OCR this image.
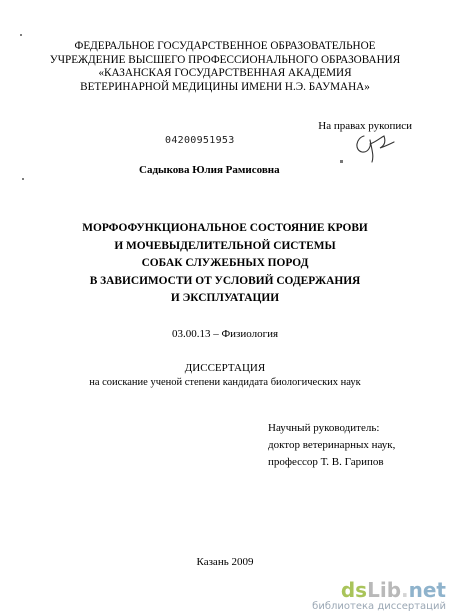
ФЕДЕРАЛЬНОЕ ГОСУДАРСТВЕННОЕ ОБРАЗОВАТЕЛЬНОЕ
УЧРЕЖДЕНИЕ ВЫСШЕГО ПРОФЕССИОНАЛЬНОГО ОБРАЗОВАНИЯ
«КАЗАНСКАЯ ГОСУДАРСТВЕННАЯ АКАДЕМИЯ
ВЕТЕРИНАРНОЙ МЕДИЦИНЫ ИМЕНИ Н.Э. БАУМАНА»
На правах рукописи
04200951953
Садыкова Юлия Рамисовна
МОРФОФУНКЦИОНАЛЬНОЕ СОСТОЯНИЕ КРОВИ
И МОЧЕВЫДЕЛИТЕЛЬНОЙ СИСТЕМЫ
СОБАК СЛУЖЕБНЫХ ПОРОД
В ЗАВИСИМОСТИ ОТ УСЛОВИЙ СОДЕРЖАНИЯ
И ЭКСПЛУАТАЦИИ
03.00.13 – Физиология
ДИССЕРТАЦИЯ
на соискание ученой степени кандидата биологических наук
Научный руководитель:
доктор ветеринарных наук,
профессор Т. В. Гарипов
Казань 2009
dsLib.net
библиотека диссертаций
